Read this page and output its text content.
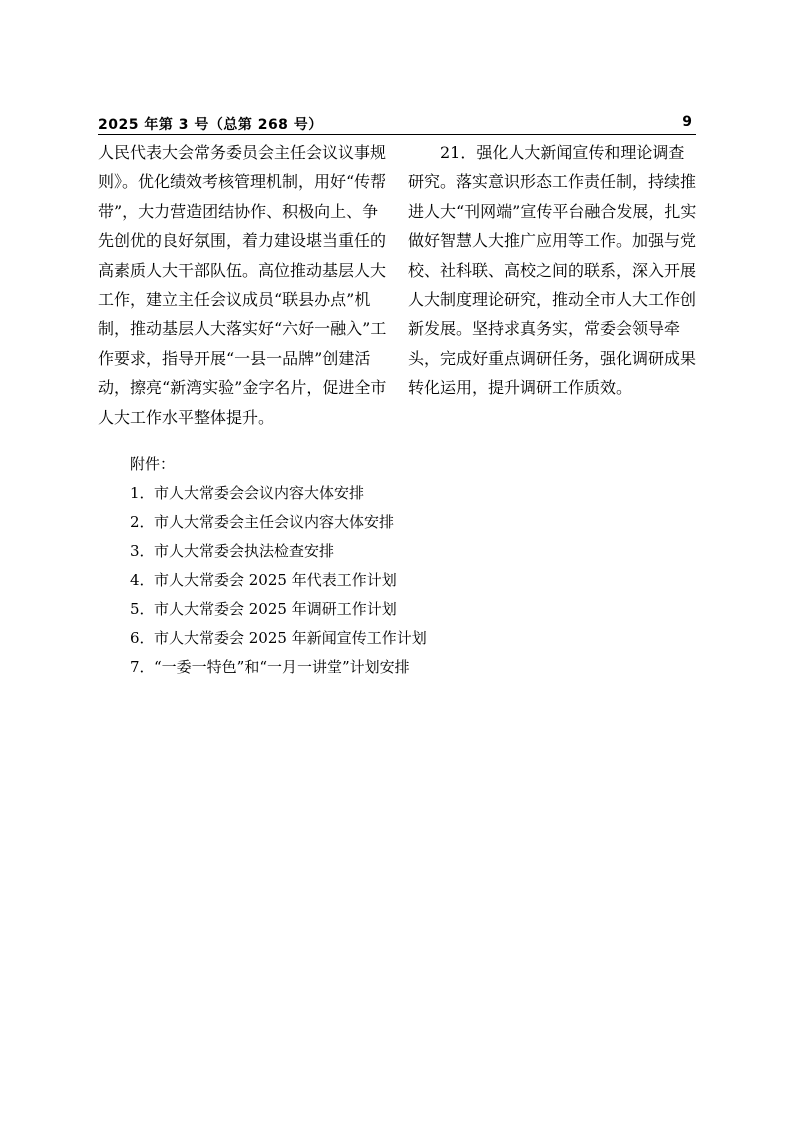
2025 年第 3 号（总第 268 号）	9

人民代表大会常务委员会主任会议议事规则》。优化绩效考核管理机制，用好“传帮带”，大力营造团结协作、积极向上、争先创优的良好氛围，着力建设堪当重任的高素质人大干部队伍。高位推动基层人大工作，建立主任会议成员“联县办点”机制，推动基层人大落实好“六好一融入”工作要求，指导开展“一县一品牌”创建活动，擦亮“新湾实验”金字名片，促进全市人大工作水平整体提升。

21．强化人大新闻宣传和理论调查研究。落实意识形态工作责任制，持续推进人大“刊网端”宣传平台融合发展，扎实做好智慧人大推广应用等工作。加强与党校、社科联、高校之间的联系，深入开展人大制度理论研究，推动全市人大工作创新发展。坚持求真务实，常委会领导牵头，完成好重点调研任务，强化调研成果转化运用，提升调研工作质效。

附件：

1．市人大常委会会议内容大体安排
2．市人大常委会主任会议内容大体安排
3．市人大常委会执法检查安排
4．市人大常委会 2025 年代表工作计划
5．市人大常委会 2025 年调研工作计划
6．市人大常委会 2025 年新闻宣传工作计划
7．“一委一特色”和“一月一讲堂”计划安排
